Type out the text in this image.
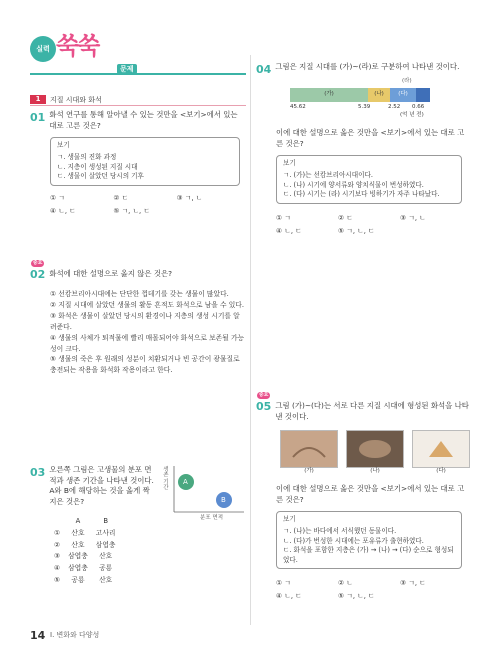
실력 쑥쑥
문제
1	지질 시대와 화석
01 화석 연구를 통해 알아낼 수 있는 것만을 <보기>에서 있는 대로 고른 것은?
보기
ㄱ. 생물의 진화 과정
ㄴ. 지층이 생성된 지질 시대
ㄷ. 생물이 살았던 당시의 기후
① ㄱ	② ㄷ	③ ㄱ, ㄴ
④ ㄴ, ㄷ	⑤ ㄱ, ㄴ, ㄷ
중요
02 화석에 대한 설명으로 옳지 않은 것은?
① 선캄브리아시대에는 단단한 껍데기를 갖는 생물이 많았다.
② 지질 시대에 살았던 생물의 활동 흔적도 화석으로 남을 수 있다.
③ 화석은 생물이 살았던 당시의 환경이나 지층의 생성 시기를 알려준다.
④ 생물의 사체가 퇴적물에 빨리 매몰되어야 화석으로 보존될 가능성이 크다.
⑤ 생물의 죽은 후 원래의 성분이 치환되거나 빈 공간이 광물질로 충전되는 작용을 화석화 작용이라고 한다.
03 오른쪽 그림은 고생물의 분포 면적과 생존 기간을 나타낸 것이다. A와 B에 해당하는 것을 옳게 짝 지은 것은?
	A	B
①	산호	고사리
②	산호	삼엽충
③	삼엽충	산호
④	삼엽충	공룡
⑤	공룡	산호
A
B
생존 기간
분포 면적
04 그림은 지질 시대를 (가)~(라)로 구분하여 나타낸 것이다.
(라)
(가)	(나)	(다)
45.62	5.39	2.52 0.66
(억 년 전)
이에 대한 설명으로 옳은 것만을 <보기>에서 있는 대로 고른 것은?
보기
ㄱ. (가)는 선캄브리아시대이다.
ㄴ. (나) 시기에 양서류와 양치식물이 번성하였다.
ㄷ. (다) 시기는 (라) 시기보다 빙하기가 자주 나타났다.
① ㄱ	② ㄷ	③ ㄱ, ㄴ
④ ㄴ, ㄷ	⑤ ㄱ, ㄴ, ㄷ
중요
05 그림 (가)~(다)는 서로 다른 지질 시대에 형성된 화석을 나타낸 것이다.
(가)	(나)	(다)
이에 대한 설명으로 옳은 것만을 <보기>에서 있는 대로 고른 것은?
보기
ㄱ. (나)는 바다에서 서식했던 동물이다.
ㄴ. (다)가 번성한 시대에는 포유류가 출현하였다.
ㄷ. 화석을 포함한 지층은 (가) → (나) → (다) 순으로 형성되었다.
① ㄱ	② ㄴ	③ ㄱ, ㄷ
④ ㄴ, ㄷ	⑤ ㄱ, ㄴ, ㄷ
14 I. 변화와 다양성
